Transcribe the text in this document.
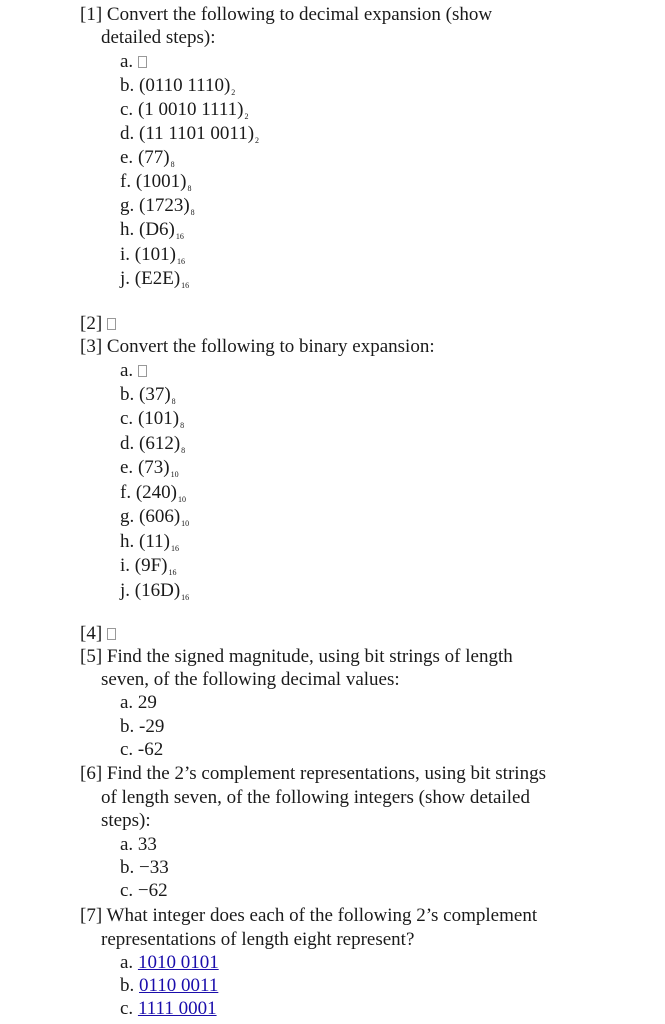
[1] Convert the following to decimal expansion (show
detailed steps):
a.
b. (0110 $1110)_2$
c. (1 0010 $1111)_2$
d. (11 1101 $0011)_2$
e. $(77)_8$
f. $(1001)_8$
g. $(1723)_8$
h. $(D6)_{16}$
i. $(101)_{16}$
j. $(E2E)_{16}$
[2]
[3] Convert the following to binary expansion:
a.
b. $(37)_8$
c. $(101)_8$
d. $(612)_8$
e. $(73)_{10}$
f. $(240)_{10}$
g. $(606)_{10}$
h. $(11)_{16}$
i. $(9F)_{16}$
j. $(16D)_{16}$
[4]
[5] Find the signed magnitude, using bit strings of length
seven, of the following decimal values:
a. 29
b. -29
c. -62
[6] Find the 2’s complement representations, using bit strings
of length seven, of the following integers (show detailed
steps):
a. 33
b. −33
c. −62
[7] What integer does each of the following 2’s complement
representations of length eight represent?
a. 1010 0101
b. 0110 0011
c. 1111 0001
